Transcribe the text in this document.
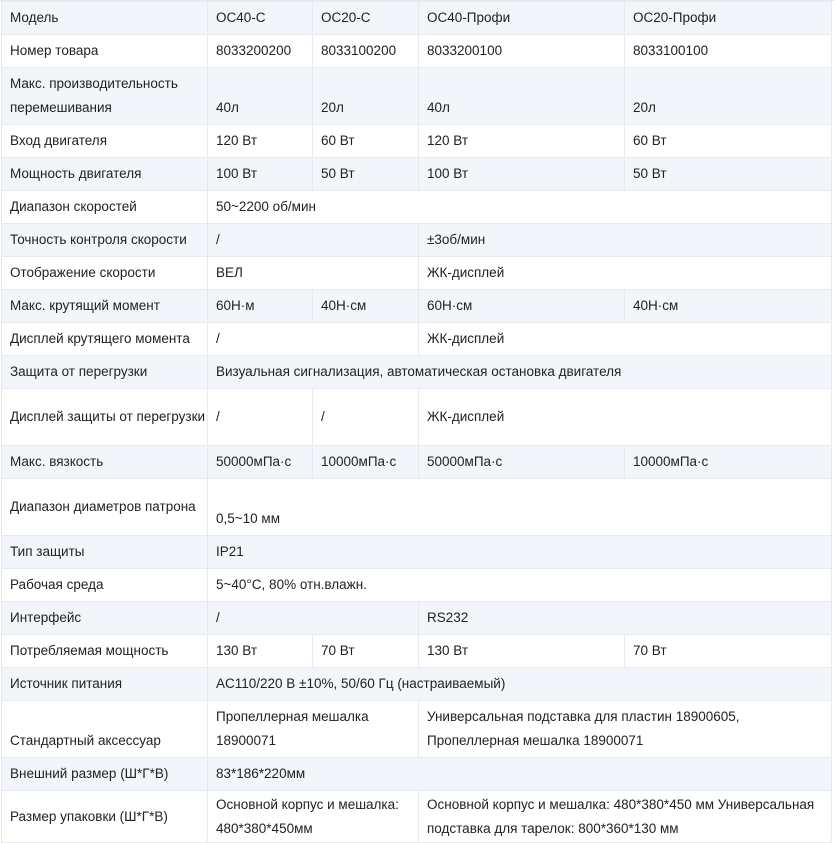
Модель	OC40-C	OC20-C	OC40-Профи	OC20-Профи
Номер товара	8033200200	8033100200	8033200100	8033100100
Макс. производительность перемешивания	40л	20л	40л	20л
Вход двигателя	120 Вт	60 Вт	120 Вт	60 Вт
Мощность двигателя	100 Вт	50 Вт	100 Вт	50 Вт
Диапазон скоростей	50~2200 об/мин			
Точность контроля скорости	/		±3об/мин	
Отображение скорости	ВЕЛ		ЖК-дисплей	
Макс. крутящий момент	60Н·м	40Н·см	60Н·см	40Н·см
Дисплей крутящего момента	/		ЖК-дисплей	
Защита от перегрузки	Визуальная сигнализация, автоматическая остановка двигателя			
Дисплей защиты от перегрузки	/	/	ЖК-дисплей	
Макс. вязкость	50000мПа·с	10000мПа·с	50000мПа·с	10000мПа·с
Диапазон диаметров патрона	0,5~10 мм			
Тип защиты	IP21			
Рабочая среда	5~40°C, 80% отн.влажн.			
Интерфейс	/		RS232	
Потребляемая мощность	130 Вт	70 Вт	130 Вт	70 Вт
Источник питания	AC110/220 В ±10%, 50/60 Гц (настраиваемый)			
Стандартный аксессуар	Пропеллерная мешалка 18900071		Универсальная подставка для пластин 18900605, Пропеллерная мешалка 18900071	
Внешний размер (Ш*Г*В)	83*186*220мм			
Размер упаковки (Ш*Г*В)	Основной корпус и мешалка: 480*380*450мм		Основной корпус и мешалка: 480*380*450 мм Универсальная подставка для тарелок: 800*360*130 мм	
